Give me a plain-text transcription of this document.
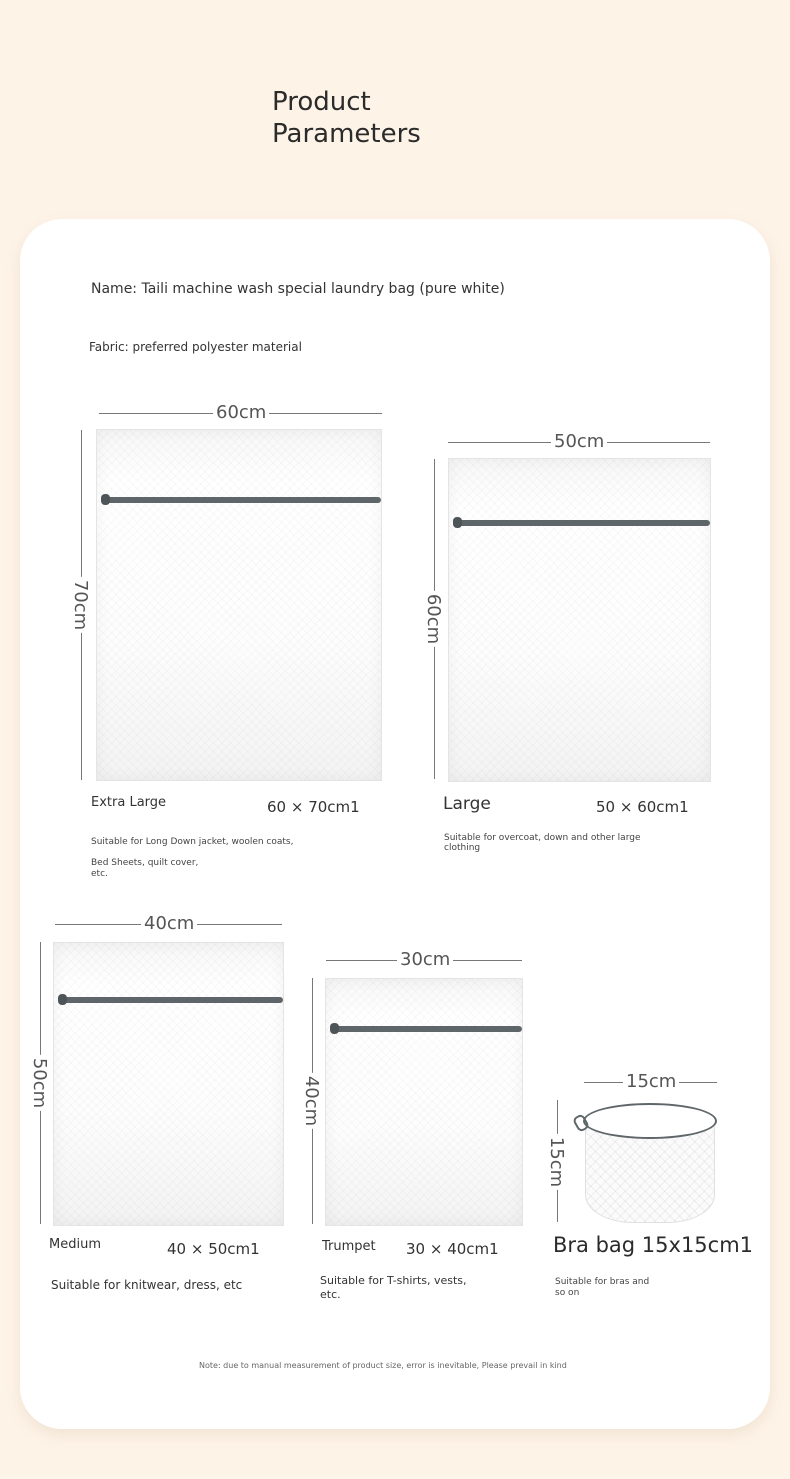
Product
Parameters
Name: Taili machine wash special laundry bag (pure white)
Fabric: preferred polyester material
60cm
70cm
Extra Large	60 × 70cm1
Suitable for Long Down jacket, woolen coats,
Bed Sheets, quilt cover,
etc.
50cm
60cm
Large	50 × 60cm1
Suitable for overcoat, down and other large
clothing
40cm
50cm
Medium	40 × 50cm1
Suitable for knitwear, dress, etc
30cm
40cm
Trumpet 30 × 40cm1
Suitable for T-shirts, vests,
etc.
15cm
15cm
Bra bag 15x15cm1
Suitable for bras and
so on
Note: due to manual measurement of product size, error is inevitable, Please prevail in kind
